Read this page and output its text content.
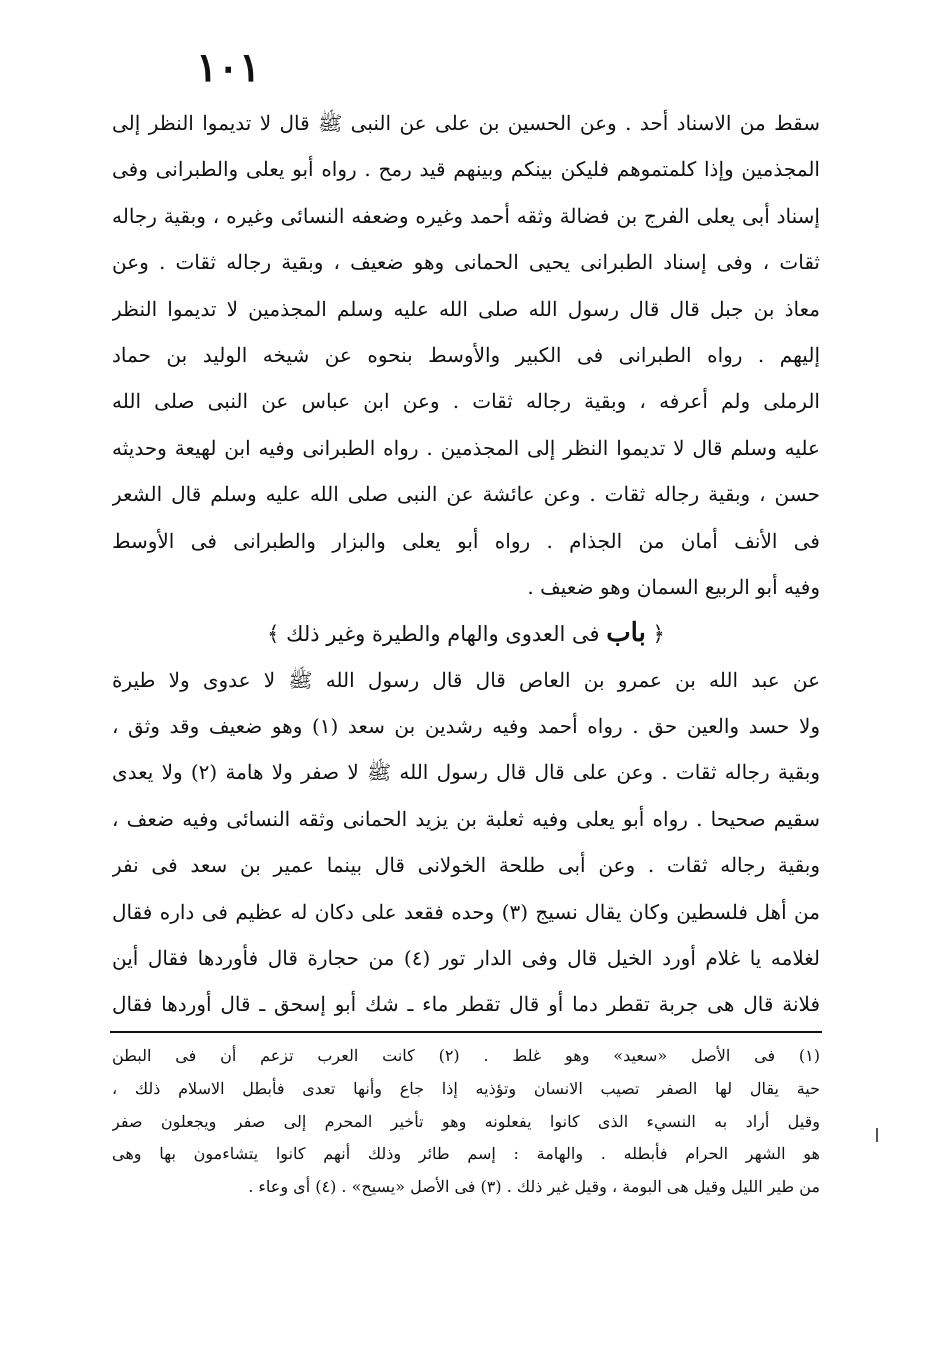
١٠١
سقط من الاسناد أحد . وعن الحسين بن على عن النبى ﷺ قال لا تديموا النظر إلى
المجذمين وإذا كلمتموهم فليكن بينكم وبينهم قيد رمح . رواه أبو يعلى والطبرانى وفى
إسناد أبى يعلى الفرج بن فضالة وثقه أحمد وغيره وضعفه النسائى وغيره ، وبقية رجاله
ثقات ، وفى إسناد الطبرانى يحيى الحمانى وهو ضعيف ، وبقية رجاله ثقات . وعن
معاذ بن جبل قال قال رسول الله صلى الله عليه وسلم المجذمين لا تديموا النظر
إليهم . رواه الطبرانى فى الكبير والأوسط بنحوه عن شيخه الوليد بن حماد
الرملى ولم أعرفه ، وبقية رجاله ثقات . وعن ابن عباس عن النبى صلى الله
عليه وسلم قال لا تديموا النظر إلى المجذمين . رواه الطبرانى وفيه ابن لهيعة وحديثه
حسن ، وبقية رجاله ثقات . وعن عائشة عن النبى صلى الله عليه وسلم قال الشعر
فى الأنف أمان من الجذام . رواه أبو يعلى والبزار والطبرانى فى الأوسط
وفيه أبو الربيع السمان وهو ضعيف .
﴿ باب فى العدوى والهام والطيرة وغير ذلك ﴾
عن عبد الله بن عمرو بن العاص قال قال رسول الله ﷺ لا عدوى ولا طيرة
ولا حسد والعين حق . رواه أحمد وفيه رشدين بن سعد (١) وهو ضعيف وقد وثق ،
وبقية رجاله ثقات . وعن على قال قال رسول الله ﷺ لا صفر ولا هامة (٢) ولا يعدى
سقيم صحيحا . رواه أبو يعلى وفيه ثعلبة بن يزيد الحمانى وثقه النسائى وفيه ضعف ،
وبقية رجاله ثقات . وعن أبى طلحة الخولانى قال بينما عمير بن سعد فى نفر
من أهل فلسطين وكان يقال نسيج (٣) وحده فقعد على دكان له عظيم فى داره فقال
لغلامه يا غلام أورد الخيل قال وفى الدار تور (٤) من حجارة قال فأوردها فقال أين
فلانة قال هى جربة تقطر دما أو قال تقطر ماء ـ شك أبو إسحق ـ قال أوردها فقال
(١) فى الأصل «سعيد» وهو غلط . (٢) كانت العرب تزعم أن فى البطن
حية يقال لها الصفر تصيب الانسان وتؤذيه إذا جاع وأنها تعدى فأبطل الاسلام ذلك ،
وقيل أراد به النسيء الذى كانوا يفعلونه وهو تأخير المحرم إلى صفر ويجعلون صفر
هو الشهر الحرام فأبطله . والهامة : إسم طائر وذلك أنهم كانوا يتشاءمون بها وهى
من طير الليل وقيل هى البومة ، وقيل غير ذلك . (٣) فى الأصل «يسيح» . (٤) أى وعاء .
